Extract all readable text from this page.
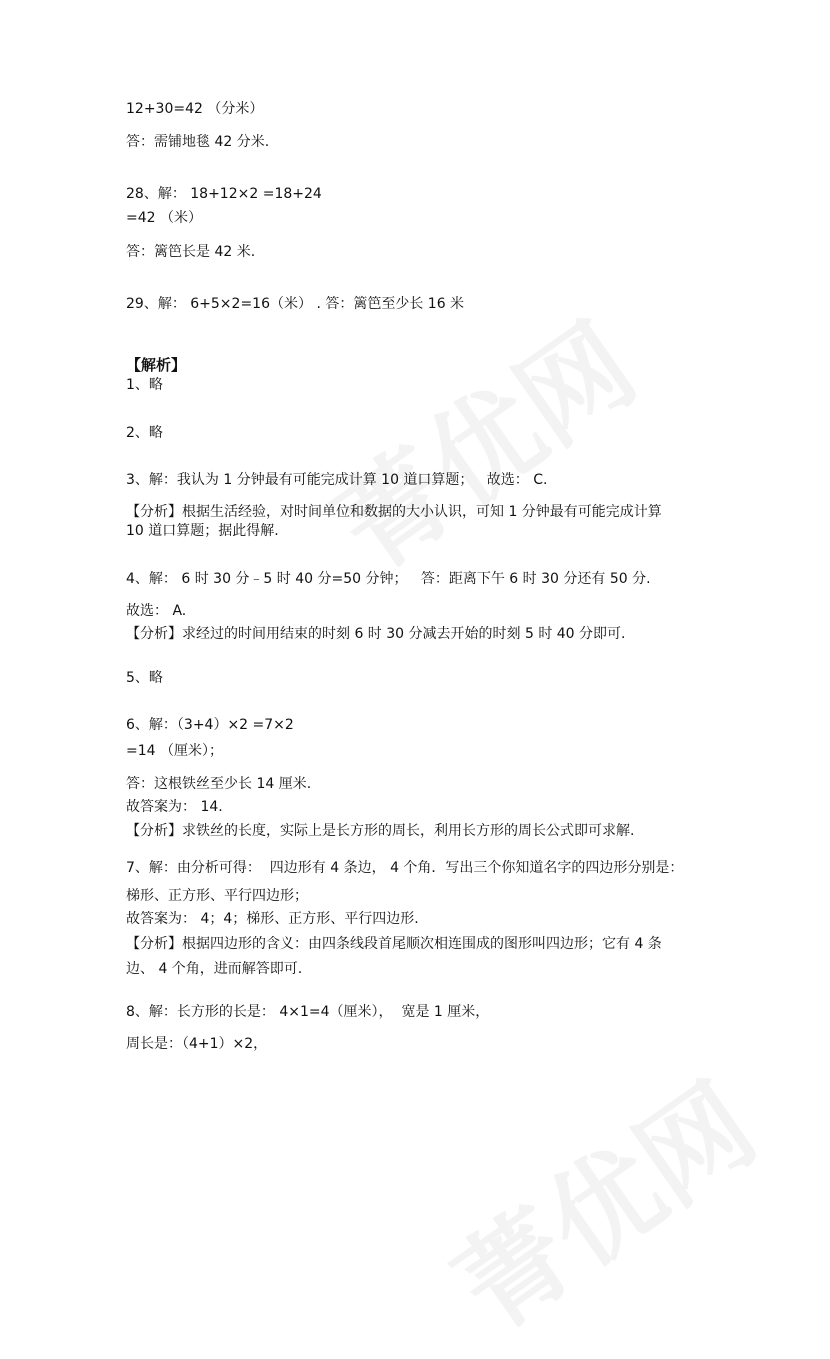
12+30=42 （分米）
答：需铺地毯 42 分米.
28、解： 18+12×2 =18+24
=42 （米）
答：篱笆长是 42 米.
29、解： 6+5×2=16（米） . 答：篱笆至少长 16 米
【解析】
1、略
2、略
3、解：我认为 1 分钟最有可能完成计算 10 道口算题；   故选： C.
【分析】根据生活经验，对时间单位和数据的大小认识，可知 1 分钟最有可能完成计算
10 道口算题；据此得解.
4、解： 6 时 30 分﹣5 时 40 分=50 分钟；   答：距离下午 6 时 30 分还有 50 分.
故选： A.
【分析】求经过的时间用结束的时刻 6 时 30 分减去开始的时刻 5 时 40 分即可.
5、略
6、解：（3+4）×2 =7×2
=14 （厘米）；
答：这根铁丝至少长 14 厘米.
故答案为： 14.
【分析】求铁丝的长度，实际上是长方形的周长，利用长方形的周长公式即可求解.
7、解：由分析可得：  四边形有 4 条边， 4 个角．写出三个你知道名字的四边形分别是：
梯形、正方形、平行四边形；
故答案为： 4；4；梯形、正方形、平行四边形.
【分析】根据四边形的含义：由四条线段首尾顺次相连围成的图形叫四边形；它有 4 条
边、 4 个角，进而解答即可.
8、解：长方形的长是： 4×1=4（厘米），  宽是 1 厘米，
周长是：（4+1）×2，
